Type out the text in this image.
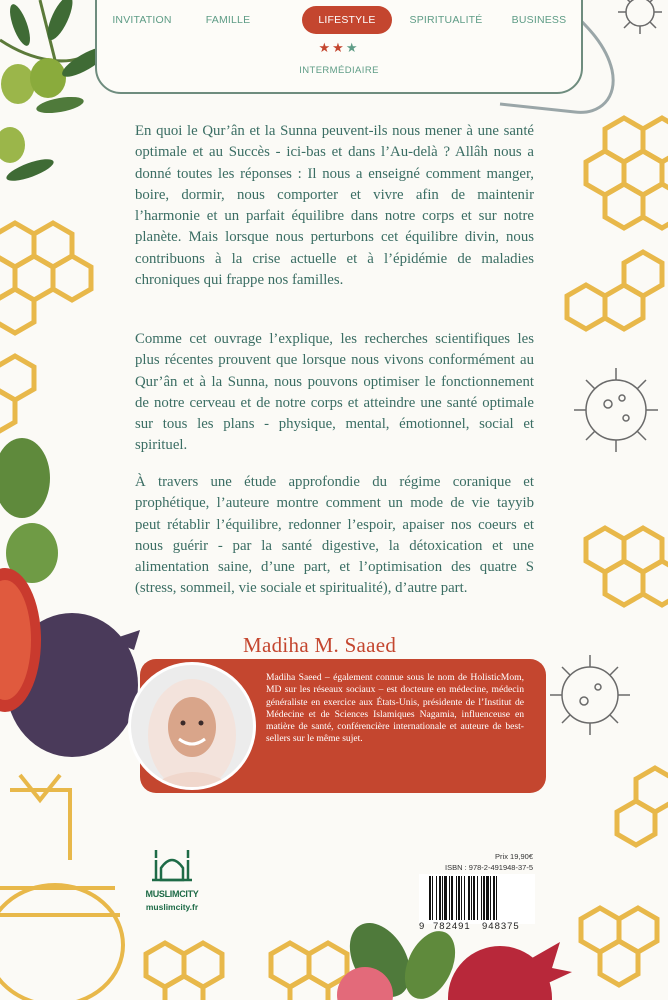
INVITATION	FAMILLE	LIFESTYLE	SPIRITUALITÉ	BUSINESS
★★★
INTERMÉDIAIRE

En quoi le Qur’ân et la Sunna peuvent-ils nous mener à une santé optimale et au Succès - ici-bas et dans l’Au-delà ? Allâh nous a donné toutes les réponses : Il nous a enseigné comment manger, boire, dormir, nous comporter et vivre afin de maintenir l’harmonie et un parfait équilibre dans notre corps et sur notre planète. Mais lorsque nous perturbons cet équilibre divin, nous contribuons à la crise actuelle et à l’épidémie de maladies chroniques qui frappe nos familles.

Comme cet ouvrage l’explique, les recherches scientifiques les plus récentes prouvent que lorsque nous vivons conformément au Qur’ân et à la Sunna, nous pouvons optimiser le fonctionnement de notre cerveau et de notre corps et atteindre une santé optimale sur tous les plans - physique, mental, émotionnel, social et spirituel.

À travers une étude approfondie du régime coranique et prophétique, l’auteure montre comment un mode de vie tayyib peut rétablir l’équilibre, redonner l’espoir, apaiser nos coeurs et nous guérir - par la santé digestive, la détoxication et une alimentation saine, d’une part, et l’optimisation des quatre S (stress, sommeil, vie sociale et spiritualité), d’autre part.

Madiha M. Saaed

Madiha Saeed – également connue sous le nom de HolisticMom, MD sur les réseaux sociaux – est docteure en médecine, médecin généraliste en exercice aux États-Unis, présidente de l’Institut de Médecine et de Sciences Islamiques Nagamia, influenceuse en matière de santé, conférencière internationale et auteure de best-sellers sur le même sujet.

MUSLIMCITY
muslimcity.fr
Prix 19,90€
ISBN : 978-2-491948-37-5
9 782491 948375
